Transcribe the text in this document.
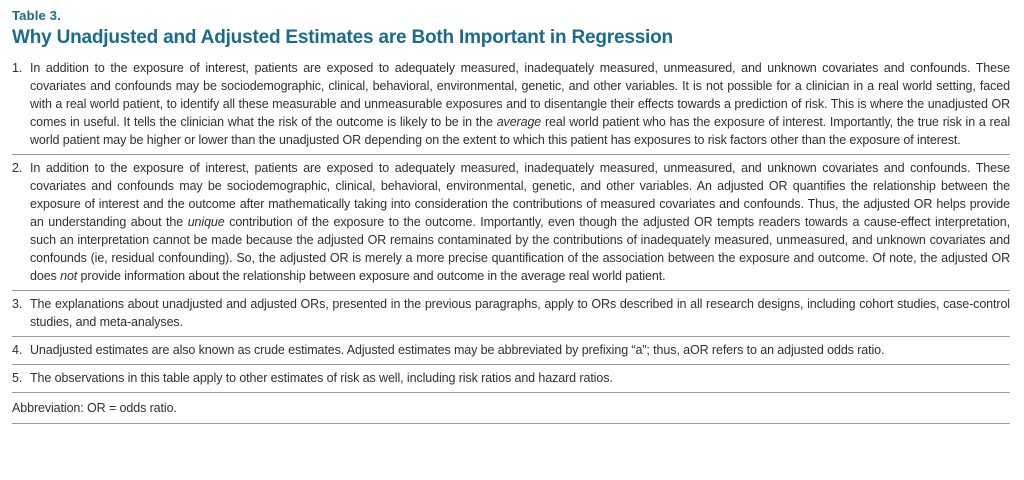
Table 3.
Why Unadjusted and Adjusted Estimates are Both Important in Regression
1. In addition to the exposure of interest, patients are exposed to adequately measured, inadequately measured, unmeasured, and unknown covariates and confounds. These covariates and confounds may be sociodemographic, clinical, behavioral, environmental, genetic, and other variables. It is not possible for a clinician in a real world setting, faced with a real world patient, to identify all these measurable and unmeasurable exposures and to disentangle their effects towards a prediction of risk. This is where the unadjusted OR comes in useful. It tells the clinician what the risk of the outcome is likely to be in the average real world patient who has the exposure of interest. Importantly, the true risk in a real world patient may be higher or lower than the unadjusted OR depending on the extent to which this patient has exposures to risk factors other than the exposure of interest.

2. In addition to the exposure of interest, patients are exposed to adequately measured, inadequately measured, unmeasured, and unknown covariates and confounds. These covariates and confounds may be sociodemographic, clinical, behavioral, environmental, genetic, and other variables. An adjusted OR quantifies the relationship between the exposure of interest and the outcome after mathematically taking into consideration the contributions of measured covariates and confounds. Thus, the adjusted OR helps provide an understanding about the unique contribution of the exposure to the outcome. Importantly, even though the adjusted OR tempts readers towards a cause-effect interpretation, such an interpretation cannot be made because the adjusted OR remains contaminated by the contributions of inadequately measured, unmeasured, and unknown covariates and confounds (ie, residual confounding). So, the adjusted OR is merely a more precise quantification of the association between the exposure and outcome. Of note, the adjusted OR does not provide information about the relationship between exposure and outcome in the average real world patient.

3. The explanations about unadjusted and adjusted ORs, presented in the previous paragraphs, apply to ORs described in all research designs, including cohort studies, case-control studies, and meta-analyses.

4. Unadjusted estimates are also known as crude estimates. Adjusted estimates may be abbreviated by prefixing “a”; thus, aOR refers to an adjusted odds ratio.

5. The observations in this table apply to other estimates of risk as well, including risk ratios and hazard ratios.

Abbreviation: OR = odds ratio.
